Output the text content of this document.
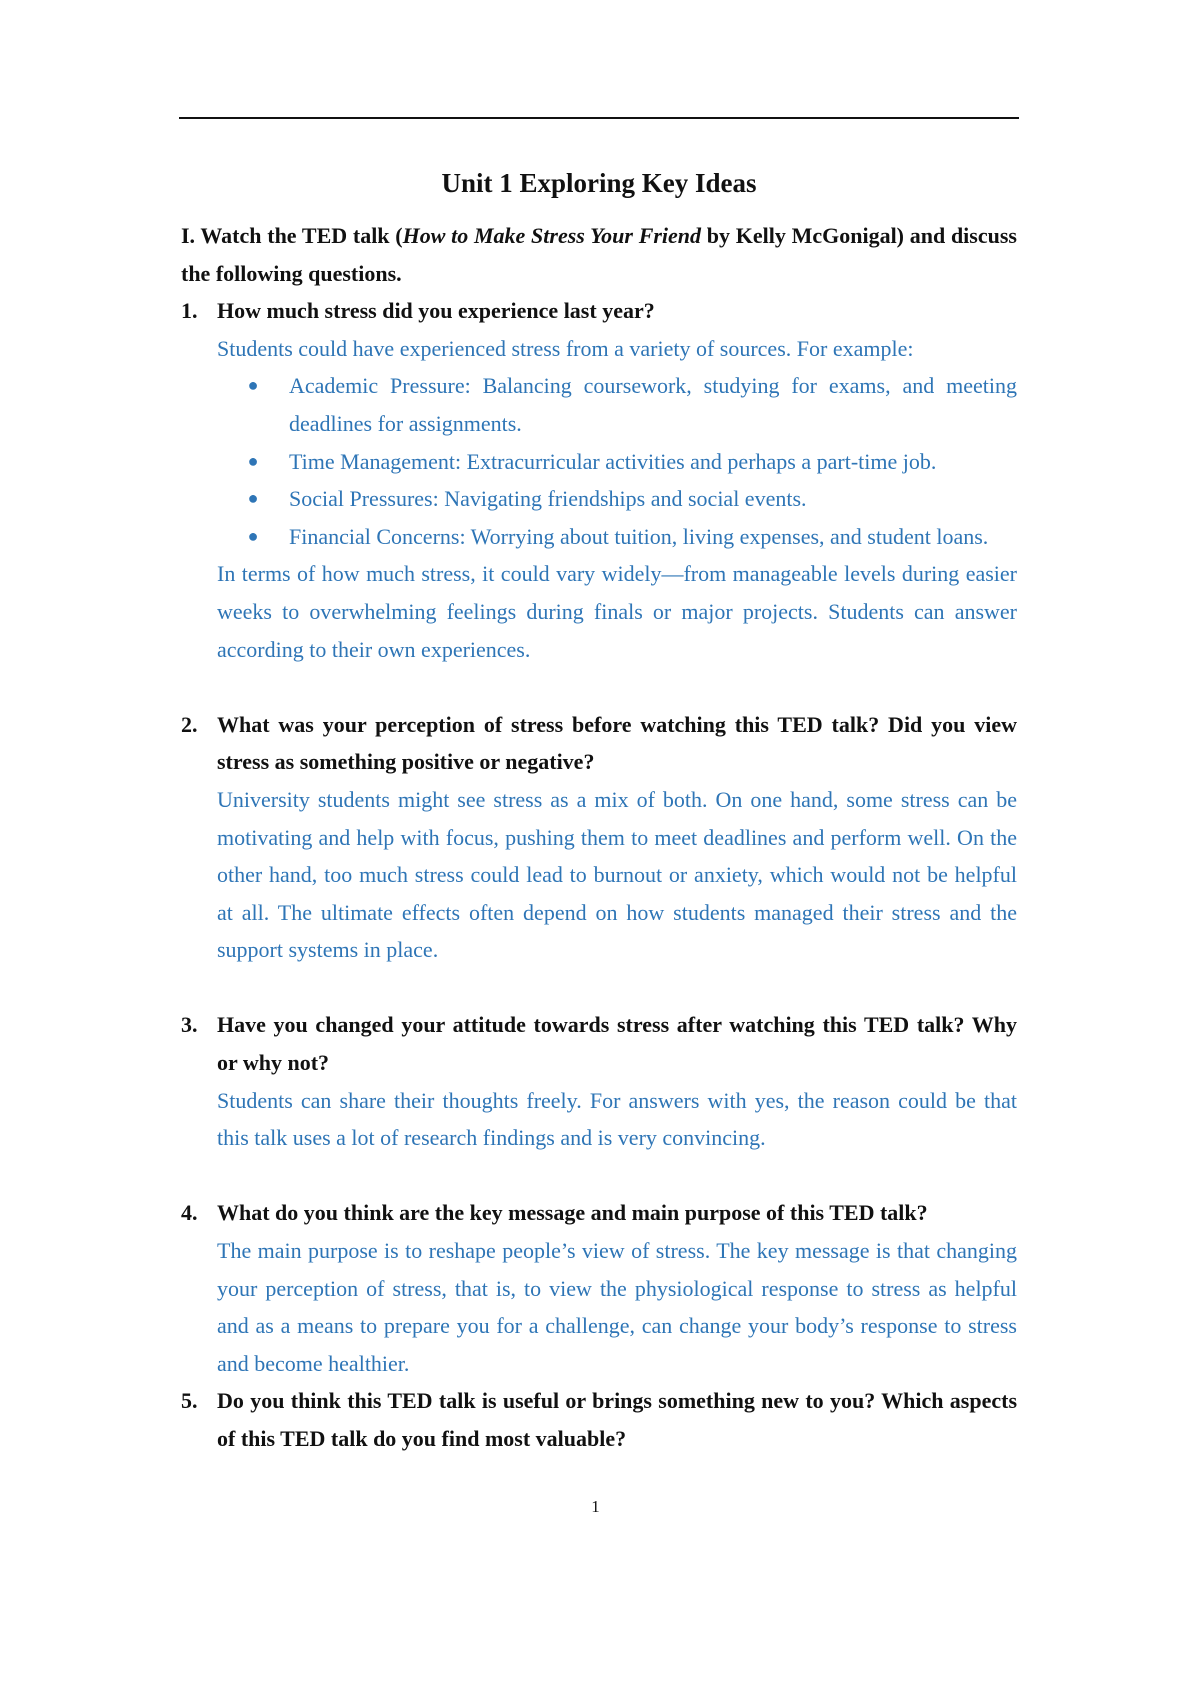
Unit 1 Exploring Key Ideas

I. Watch the TED talk (How to Make Stress Your Friend by Kelly McGonigal) and discuss the following questions.

1. How much stress did you experience last year?

Students could have experienced stress from a variety of sources. For example:

●	Academic Pressure: Balancing coursework, studying for exams, and meeting deadlines for assignments.
●	Time Management: Extracurricular activities and perhaps a part-time job.
●	Social Pressures: Navigating friendships and social events.
●	Financial Concerns: Worrying about tuition, living expenses, and student loans.

In terms of how much stress, it could vary widely—from manageable levels during easier weeks to overwhelming feelings during finals or major projects. Students can answer according to their own experiences.

2. What was your perception of stress before watching this TED talk? Did you view stress as something positive or negative?

University students might see stress as a mix of both. On one hand, some stress can be motivating and help with focus, pushing them to meet deadlines and perform well. On the other hand, too much stress could lead to burnout or anxiety, which would not be helpful at all. The ultimate effects often depend on how students managed their stress and the support systems in place.

3. Have you changed your attitude towards stress after watching this TED talk? Why or why not?

Students can share their thoughts freely. For answers with yes, the reason could be that this talk uses a lot of research findings and is very convincing.

4. What do you think are the key message and main purpose of this TED talk?

The main purpose is to reshape people’s view of stress. The key message is that changing your perception of stress, that is, to view the physiological response to stress as helpful and as a means to prepare you for a challenge, can change your body’s response to stress and become healthier.

5. Do you think this TED talk is useful or brings something new to you? Which aspects of this TED talk do you find most valuable?
1
